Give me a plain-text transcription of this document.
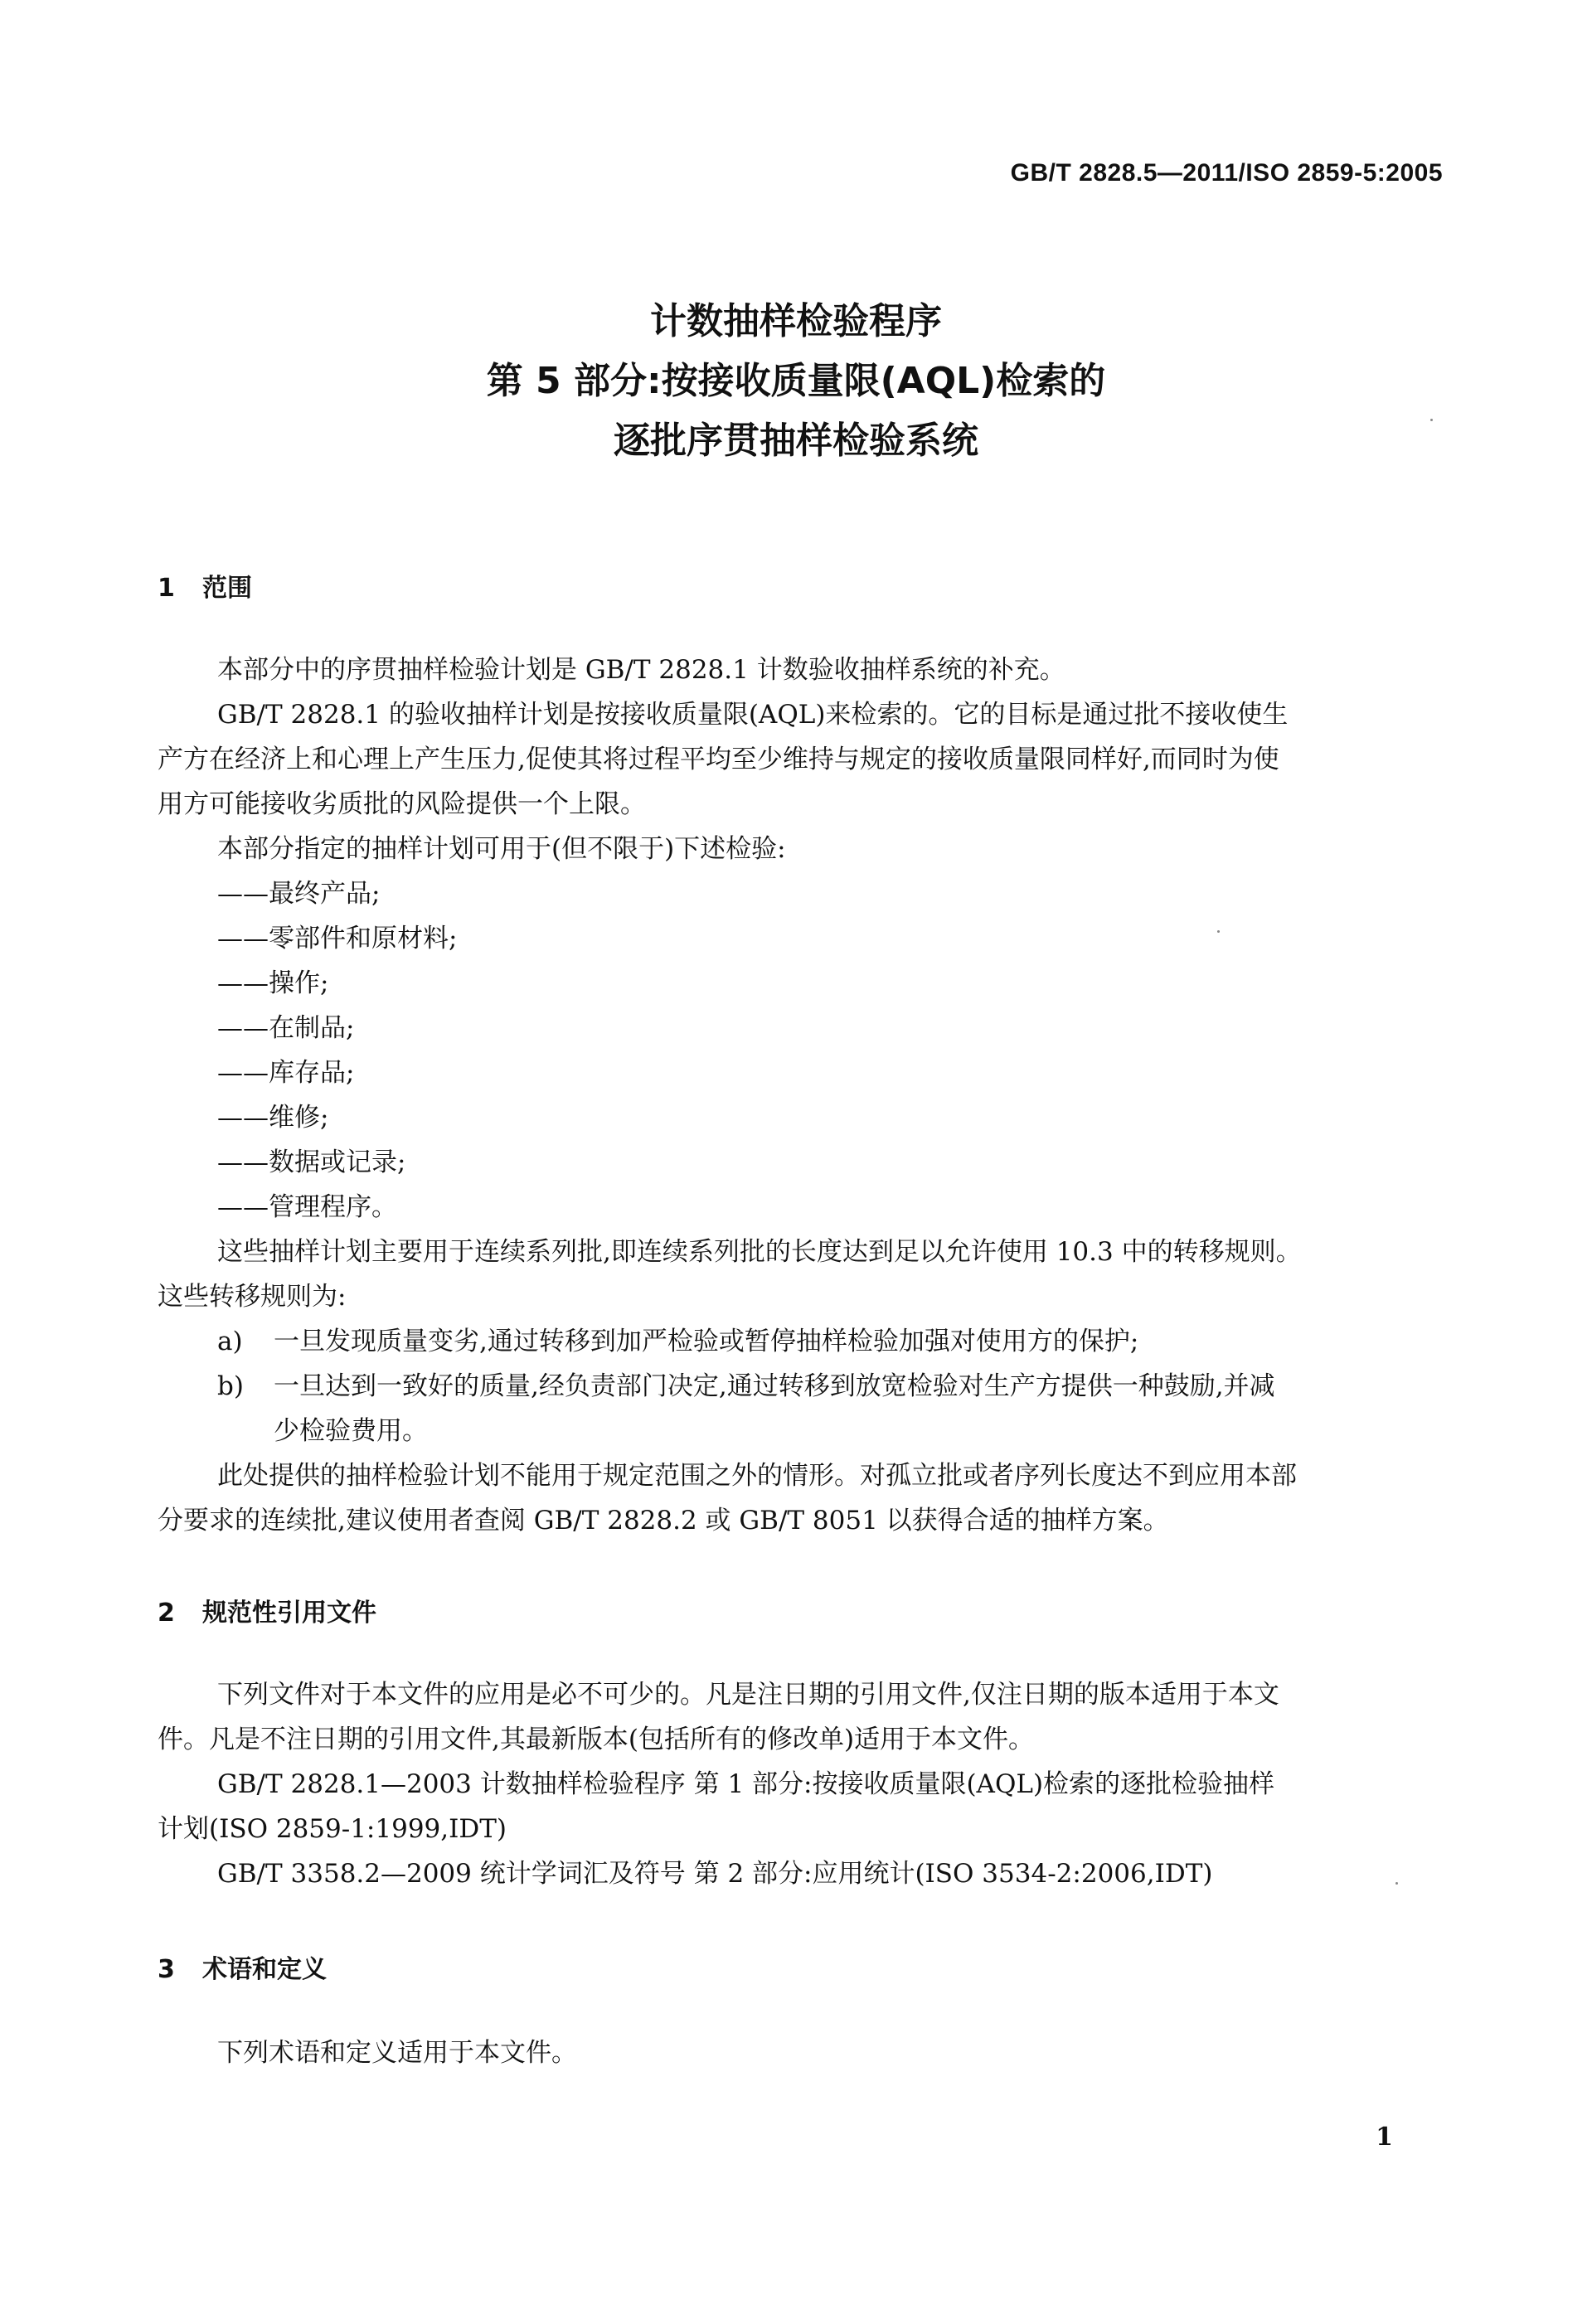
GB/T 2828.5—2011/ISO 2859-5:2005
计数抽样检验程序
第 5 部分:按接收质量限(AQL)检索的
逐批序贯抽样检验系统
1 范围
本部分中的序贯抽样检验计划是 GB/T 2828.1 计数验收抽样系统的补充。
GB/T 2828.1 的验收抽样计划是按接收质量限(AQL)来检索的。它的目标是通过批不接收使生
产方在经济上和心理上产生压力,促使其将过程平均至少维持与规定的接收质量限同样好,而同时为使
用方可能接收劣质批的风险提供一个上限。
本部分指定的抽样计划可用于(但不限于)下述检验:
——最终产品;
——零部件和原材料;
——操作;
——在制品;
——库存品;
——维修;
——数据或记录;
——管理程序。
这些抽样计划主要用于连续系列批,即连续系列批的长度达到足以允许使用 10.3 中的转移规则。
这些转移规则为:
a) 一旦发现质量变劣,通过转移到加严检验或暂停抽样检验加强对使用方的保护;
b) 一旦达到一致好的质量,经负责部门决定,通过转移到放宽检验对生产方提供一种鼓励,并减
少检验费用。
此处提供的抽样检验计划不能用于规定范围之外的情形。对孤立批或者序列长度达不到应用本部
分要求的连续批,建议使用者查阅 GB/T 2828.2 或 GB/T 8051 以获得合适的抽样方案。
2 规范性引用文件
下列文件对于本文件的应用是必不可少的。凡是注日期的引用文件,仅注日期的版本适用于本文
件。凡是不注日期的引用文件,其最新版本(包括所有的修改单)适用于本文件。
GB/T 2828.1—2003 计数抽样检验程序 第 1 部分:按接收质量限(AQL)检索的逐批检验抽样
计划(ISO 2859-1:1999,IDT)
GB/T 3358.2—2009 统计学词汇及符号 第 2 部分:应用统计(ISO 3534-2:2006,IDT)
3 术语和定义
下列术语和定义适用于本文件。
1
